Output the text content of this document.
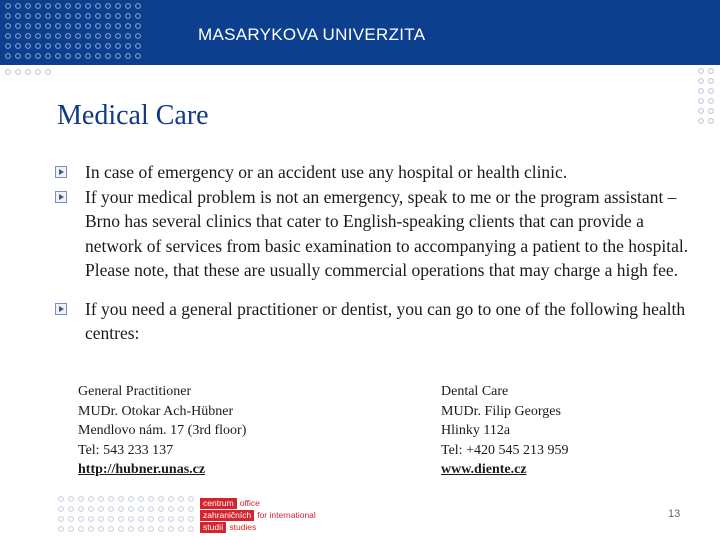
MASARYKOVA UNIVERZITA
Medical Care
In case of emergency or an accident use any hospital or health clinic.
If your medical problem is not an emergency, speak to me or the program assistant – Brno has several clinics that cater to English-speaking clients that can provide a network of services from basic examination to accompanying a patient to the hospital. Please note, that these are usually commercial operations that may charge a high fee.
If you need a general practitioner or dentist, you can go to one of the following health centres:
General Practitioner
MUDr. Otokar Ach-Hübner
Mendlovo nám. 17 (3rd floor)
Tel: 543 233 137
http://hubner.unas.cz
Dental Care
MUDr. Filip Georges
Hlinky 112a
Tel: +420 545 213 959
www.diente.cz
centrum office
zahraničních for international
studií studies
13
